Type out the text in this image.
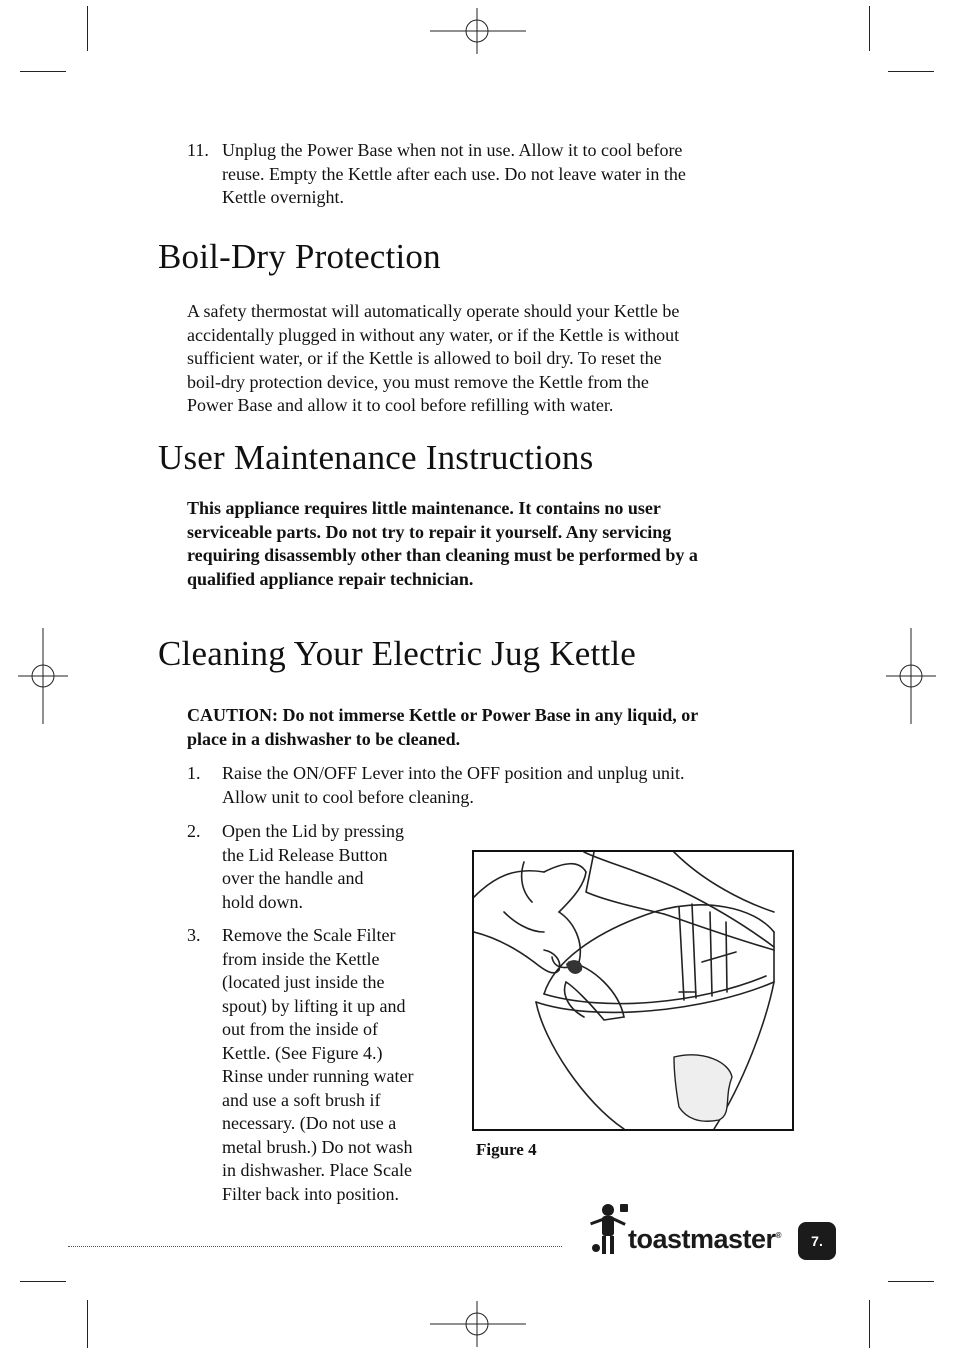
11. Unplug the Power Base when not in use. Allow it to cool before
reuse. Empty the Kettle after each use. Do not leave water in the
Kettle overnight.
Boil-Dry Protection
A safety thermostat will automatically operate should your Kettle be
accidentally plugged in without any water, or if the Kettle is without
sufficient water, or if the Kettle is allowed to boil dry. To reset the
boil-dry protection device, you must remove the Kettle from the
Power Base and allow it to cool before refilling with water.
User Maintenance Instructions
This appliance requires little maintenance. It contains no user
serviceable parts. Do not try to repair it yourself. Any servicing
requiring disassembly other than cleaning must be performed by a
qualified appliance repair technician.
Cleaning Your Electric Jug Kettle
CAUTION: Do not immerse Kettle or Power Base in any liquid, or
place in a dishwasher to be cleaned.
1.	Raise the ON/OFF Lever into the OFF position and unplug unit.
Allow unit to cool before cleaning.
2.	Open the Lid by pressing
the Lid Release Button
over the handle and
hold down.
3.	Remove the Scale Filter
from inside the Kettle
(located just inside the
spout) by lifting it up and
out from the inside of
Kettle. (See Figure 4.)
Rinse under running water
and use a soft brush if
necessary. (Do not use a
metal brush.) Do not wash
in dishwasher. Place Scale
Filter back into position.
Figure 4
toastmaster®	7.
